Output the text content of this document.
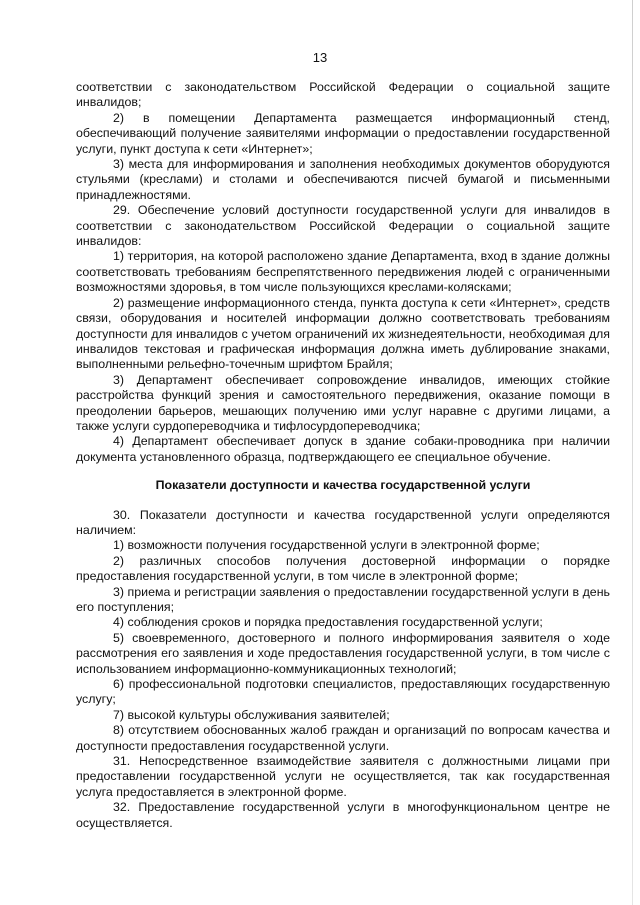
13

соответствии с законодательством Российской Федерации о социальной защите инвалидов;

2) в помещении Департамента размещается информационный стенд, обеспечивающий получение заявителями информации о предоставлении государственной услуги, пункт доступа к сети «Интернет»;

3) места для информирования и заполнения необходимых документов оборудуются стульями (креслами) и столами и обеспечиваются писчей бумагой и письменными принадлежностями.

29. Обеспечение условий доступности государственной услуги для инвалидов в соответствии с законодательством Российской Федерации о социальной защите инвалидов:

1) территория, на которой расположено здание Департамента, вход в здание должны соответствовать требованиям беспрепятственного передвижения людей с ограниченными возможностями здоровья, в том числе пользующихся креслами-колясками;

2) размещение информационного стенда, пункта доступа к сети «Интернет», средств связи, оборудования и носителей информации должно соответствовать требованиям доступности для инвалидов с учетом ограничений их жизнедеятельности, необходимая для инвалидов текстовая и графическая информация должна иметь дублирование знаками, выполненными рельефно-точечным шрифтом Брайля;

3) Департамент обеспечивает сопровождение инвалидов, имеющих стойкие расстройства функций зрения и самостоятельного передвижения, оказание помощи в преодолении барьеров, мешающих получению ими услуг наравне с другими лицами, а также услуги сурдопереводчика и тифлосурдопереводчика;

4) Департамент обеспечивает допуск в здание собаки-проводника при наличии документа установленного образца, подтверждающего ее специальное обучение.

Показатели доступности и качества государственной услуги

30. Показатели доступности и качества государственной услуги определяются наличием:

1) возможности получения государственной услуги в электронной форме;

2) различных способов получения достоверной информации о порядке предоставления государственной услуги, в том числе в электронной форме;

3) приема и регистрации заявления о предоставлении государственной услуги в день его поступления;

4) соблюдения сроков и порядка предоставления государственной услуги;

5) своевременного, достоверного и полного информирования заявителя о ходе рассмотрения его заявления и ходе предоставления государственной услуги, в том числе с использованием информационно-коммуникационных технологий;

6) профессиональной подготовки специалистов, предоставляющих государственную услугу;

7) высокой культуры обслуживания заявителей;

8) отсутствием обоснованных жалоб граждан и организаций по вопросам качества и доступности предоставления государственной услуги.

31. Непосредственное взаимодействие заявителя с должностными лицами при предоставлении государственной услуги не осуществляется, так как государственная услуга предоставляется в электронной форме.

32. Предоставление государственной услуги в многофункциональном центре не осуществляется.
